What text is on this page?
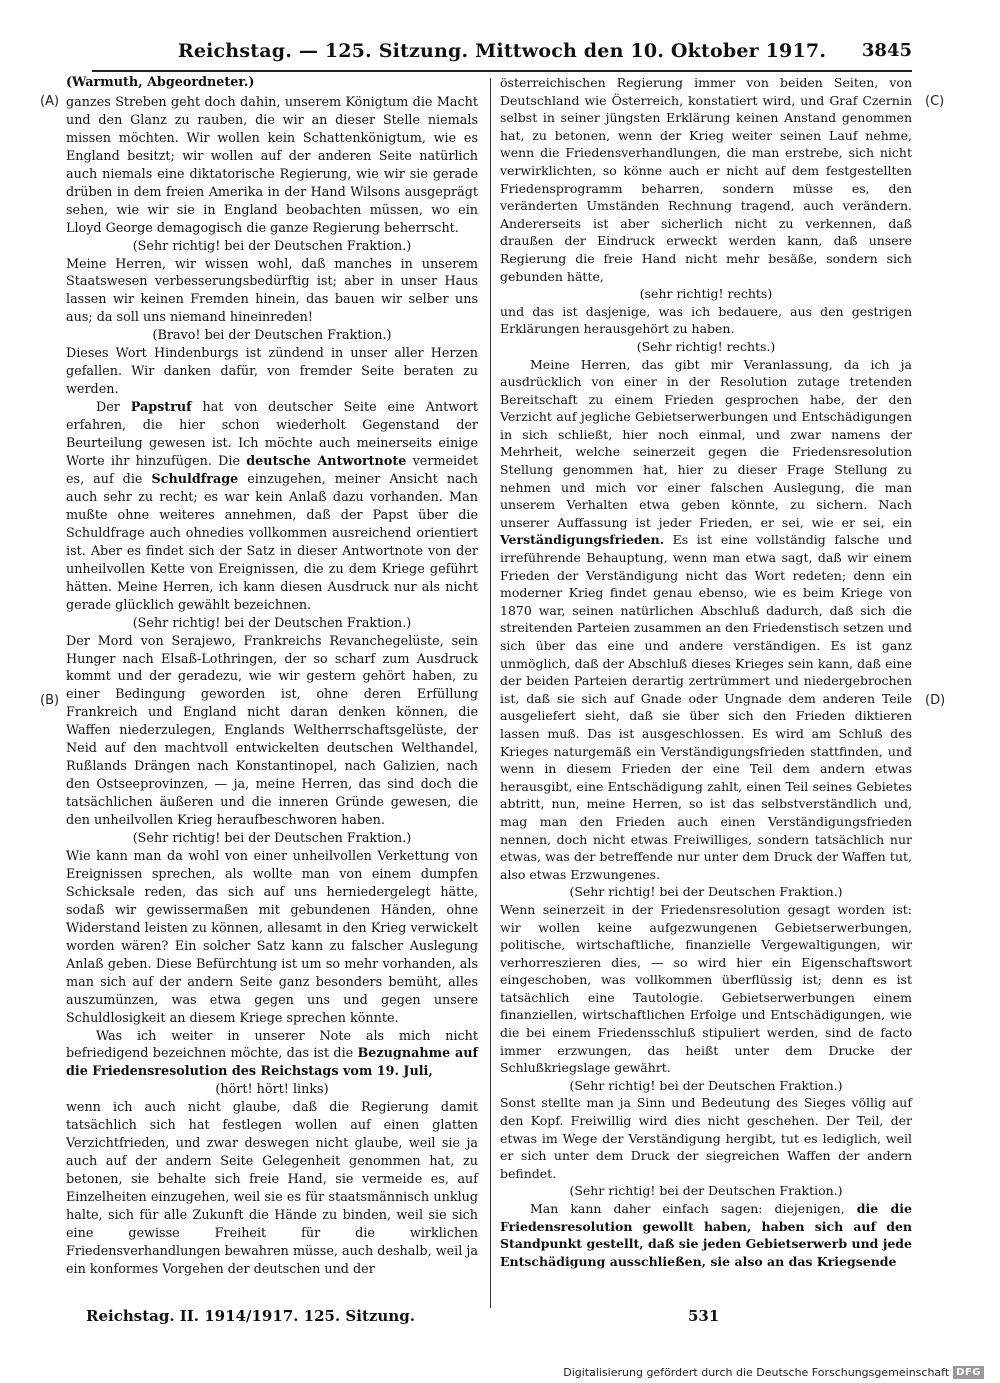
Reichstag. — 125. Sitzung. Mittwoch den 10. Oktober 1917.	3845
(A)
(B)
(C)
(D)

(Warmuth, Abgeordneter.)

ganzes Streben geht doch dahin, unserem Königtum die Macht und den Glanz zu rauben, die wir an dieser Stelle niemals missen möchten. Wir wollen kein Schattenkönigtum, wie es England besitzt; wir wollen auf der anderen Seite natürlich auch niemals eine diktatorische Regierung, wie wir sie gerade drüben in dem freien Amerika in der Hand Wilsons ausgeprägt sehen, wie wir sie in England beobachten müssen, wo ein Lloyd George demagogisch die ganze Regierung beherrscht.

(Sehr richtig! bei der Deutschen Fraktion.)

Meine Herren, wir wissen wohl, daß manches in unserem Staatswesen verbesserungsbedürftig ist; aber in unser Haus lassen wir keinen Fremden hinein, das bauen wir selber uns aus; da soll uns niemand hineinreden!

(Bravo! bei der Deutschen Fraktion.)

Dieses Wort Hindenburgs ist zündend in unser aller Herzen gefallen. Wir danken dafür, von fremder Seite beraten zu werden.

Der Papstruf hat von deutscher Seite eine Antwort erfahren, die hier schon wiederholt Gegenstand der Beurteilung gewesen ist. Ich möchte auch meinerseits einige Worte ihr hinzufügen. Die deutsche Antwortnote vermeidet es, auf die Schuldfrage einzugehen, meiner Ansicht nach auch sehr zu recht; es war kein Anlaß dazu vorhanden. Man mußte ohne weiteres annehmen, daß der Papst über die Schuldfrage auch ohnedies vollkommen ausreichend orientiert ist. Aber es findet sich der Satz in dieser Antwortnote von der unheilvollen Kette von Ereignissen, die zu dem Kriege geführt hätten. Meine Herren, ich kann diesen Ausdruck nur als nicht gerade glücklich gewählt bezeichnen.

(Sehr richtig! bei der Deutschen Fraktion.)

Der Mord von Serajewo, Frankreichs Revanchegelüste, sein Hunger nach Elsaß-Lothringen, der so scharf zum Ausdruck kommt und der geradezu, wie wir gestern gehört haben, zu einer Bedingung geworden ist, ohne deren Erfüllung Frankreich und England nicht daran denken können, die Waffen niederzulegen, Englands Weltherrschaftsgelüste, der Neid auf den machtvoll entwickelten deutschen Welthandel, Rußlands Drängen nach Konstantinopel, nach Galizien, nach den Ostseeprovinzen, — ja, meine Herren, das sind doch die tatsächlichen äußeren und die inneren Gründe gewesen, die den unheilvollen Krieg heraufbeschworen haben.

(Sehr richtig! bei der Deutschen Fraktion.)

Wie kann man da wohl von einer unheilvollen Verkettung von Ereignissen sprechen, als wollte man von einem dumpfen Schicksale reden, das sich auf uns herniedergelegt hätte, sodaß wir gewissermaßen mit gebundenen Händen, ohne Widerstand leisten zu können, allesamt in den Krieg verwickelt worden wären? Ein solcher Satz kann zu falscher Auslegung Anlaß geben. Diese Befürchtung ist um so mehr vorhanden, als man sich auf der andern Seite ganz besonders bemüht, alles auszumünzen, was etwa gegen uns und gegen unsere Schuldlosigkeit an diesem Kriege sprechen könnte.

Was ich weiter in unserer Note als mich nicht befriedigend bezeichnen möchte, das ist die Bezugnahme auf die Friedensresolution des Reichstags vom 19. Juli,

(hört! hört! links)

wenn ich auch nicht glaube, daß die Regierung damit tatsächlich sich hat festlegen wollen auf einen glatten Verzichtfrieden, und zwar deswegen nicht glaube, weil sie ja auch auf der andern Seite Gelegenheit genommen hat, zu betonen, sie behalte sich freie Hand, sie vermeide es, auf Einzelheiten einzugehen, weil sie es für staatsmännisch unklug halte, sich für alle Zukunft die Hände zu binden, weil sie sich eine gewisse Freiheit für die wirklichen Friedensverhandlungen bewahren müsse, auch deshalb, weil ja ein konformes Vorgehen der deutschen und der

österreichischen Regierung immer von beiden Seiten, von Deutschland wie Österreich, konstatiert wird, und Graf Czernin selbst in seiner jüngsten Erklärung keinen Anstand genommen hat, zu betonen, wenn der Krieg weiter seinen Lauf nehme, wenn die Friedensverhandlungen, die man erstrebe, sich nicht verwirklichten, so könne auch er nicht auf dem festgestellten Friedensprogramm beharren, sondern müsse es, den veränderten Umständen Rechnung tragend, auch verändern. Andererseits ist aber sicherlich nicht zu verkennen, daß draußen der Eindruck erweckt werden kann, daß unsere Regierung die freie Hand nicht mehr besäße, sondern sich gebunden hätte,

(sehr richtig! rechts)

und das ist dasjenige, was ich bedauere, aus den gestrigen Erklärungen herausgehört zu haben.

(Sehr richtig! rechts.)

Meine Herren, das gibt mir Veranlassung, da ich ja ausdrücklich von einer in der Resolution zutage tretenden Bereitschaft zu einem Frieden gesprochen habe, der den Verzicht auf jegliche Gebietserwerbungen und Entschädigungen in sich schließt, hier noch einmal, und zwar namens der Mehrheit, welche seinerzeit gegen die Friedensresolution Stellung genommen hat, hier zu dieser Frage Stellung zu nehmen und mich vor einer falschen Auslegung, die man unserem Verhalten etwa geben könnte, zu sichern. Nach unserer Auffassung ist jeder Frieden, er sei, wie er sei, ein Verständigungsfrieden. Es ist eine vollständig falsche und irreführende Behauptung, wenn man etwa sagt, daß wir einem Frieden der Verständigung nicht das Wort redeten; denn ein moderner Krieg findet genau ebenso, wie es beim Kriege von 1870 war, seinen natürlichen Abschluß dadurch, daß sich die streitenden Parteien zusammen an den Friedenstisch setzen und sich über das eine und andere verständigen. Es ist ganz unmöglich, daß der Abschluß dieses Krieges sein kann, daß eine der beiden Parteien derartig zertrümmert und niedergebrochen ist, daß sie sich auf Gnade oder Ungnade dem anderen Teile ausgeliefert sieht, daß sie über sich den Frieden diktieren lassen muß. Das ist ausgeschlossen. Es wird am Schluß des Krieges naturgemäß ein Verständigungsfrieden stattfinden, und wenn in diesem Frieden der eine Teil dem andern etwas herausgibt, eine Entschädigung zahlt, einen Teil seines Gebietes abtritt, nun, meine Herren, so ist das selbstverständlich und, mag man den Frieden auch einen Verständigungsfrieden nennen, doch nicht etwas Freiwilliges, sondern tatsächlich nur etwas, was der betreffende nur unter dem Druck der Waffen tut, also etwas Erzwungenes.

(Sehr richtig! bei der Deutschen Fraktion.)

Wenn seinerzeit in der Friedensresolution gesagt worden ist: wir wollen keine aufgezwungenen Gebietserwerbungen, politische, wirtschaftliche, finanzielle Vergewaltigungen, wir verhorreszieren dies, — so wird hier ein Eigenschaftswort eingeschoben, was vollkommen überflüssig ist; denn es ist tatsächlich eine Tautologie. Gebietserwerbungen einem finanziellen, wirtschaftlichen Erfolge und Entschädigungen, wie die bei einem Friedensschluß stipuliert werden, sind de facto immer erzwungen, das heißt unter dem Drucke der Schlußkriegslage gewährt.

(Sehr richtig! bei der Deutschen Fraktion.)

Sonst stellte man ja Sinn und Bedeutung des Sieges völlig auf den Kopf. Freiwillig wird dies nicht geschehen. Der Teil, der etwas im Wege der Verständigung hergibt, tut es lediglich, weil er sich unter dem Druck der siegreichen Waffen der andern befindet.

(Sehr richtig! bei der Deutschen Fraktion.)

Man kann daher einfach sagen: diejenigen, die die Friedensresolution gewollt haben, haben sich auf den Standpunkt gestellt, daß sie jeden Gebietserwerb und jede Entschädigung ausschließen, sie also an das Kriegsende

Reichstag. II. 1914/1917. 125. Sitzung.	531
Digitalisierung gefördert durch die Deutsche Forschungsgemeinschaft DFG
